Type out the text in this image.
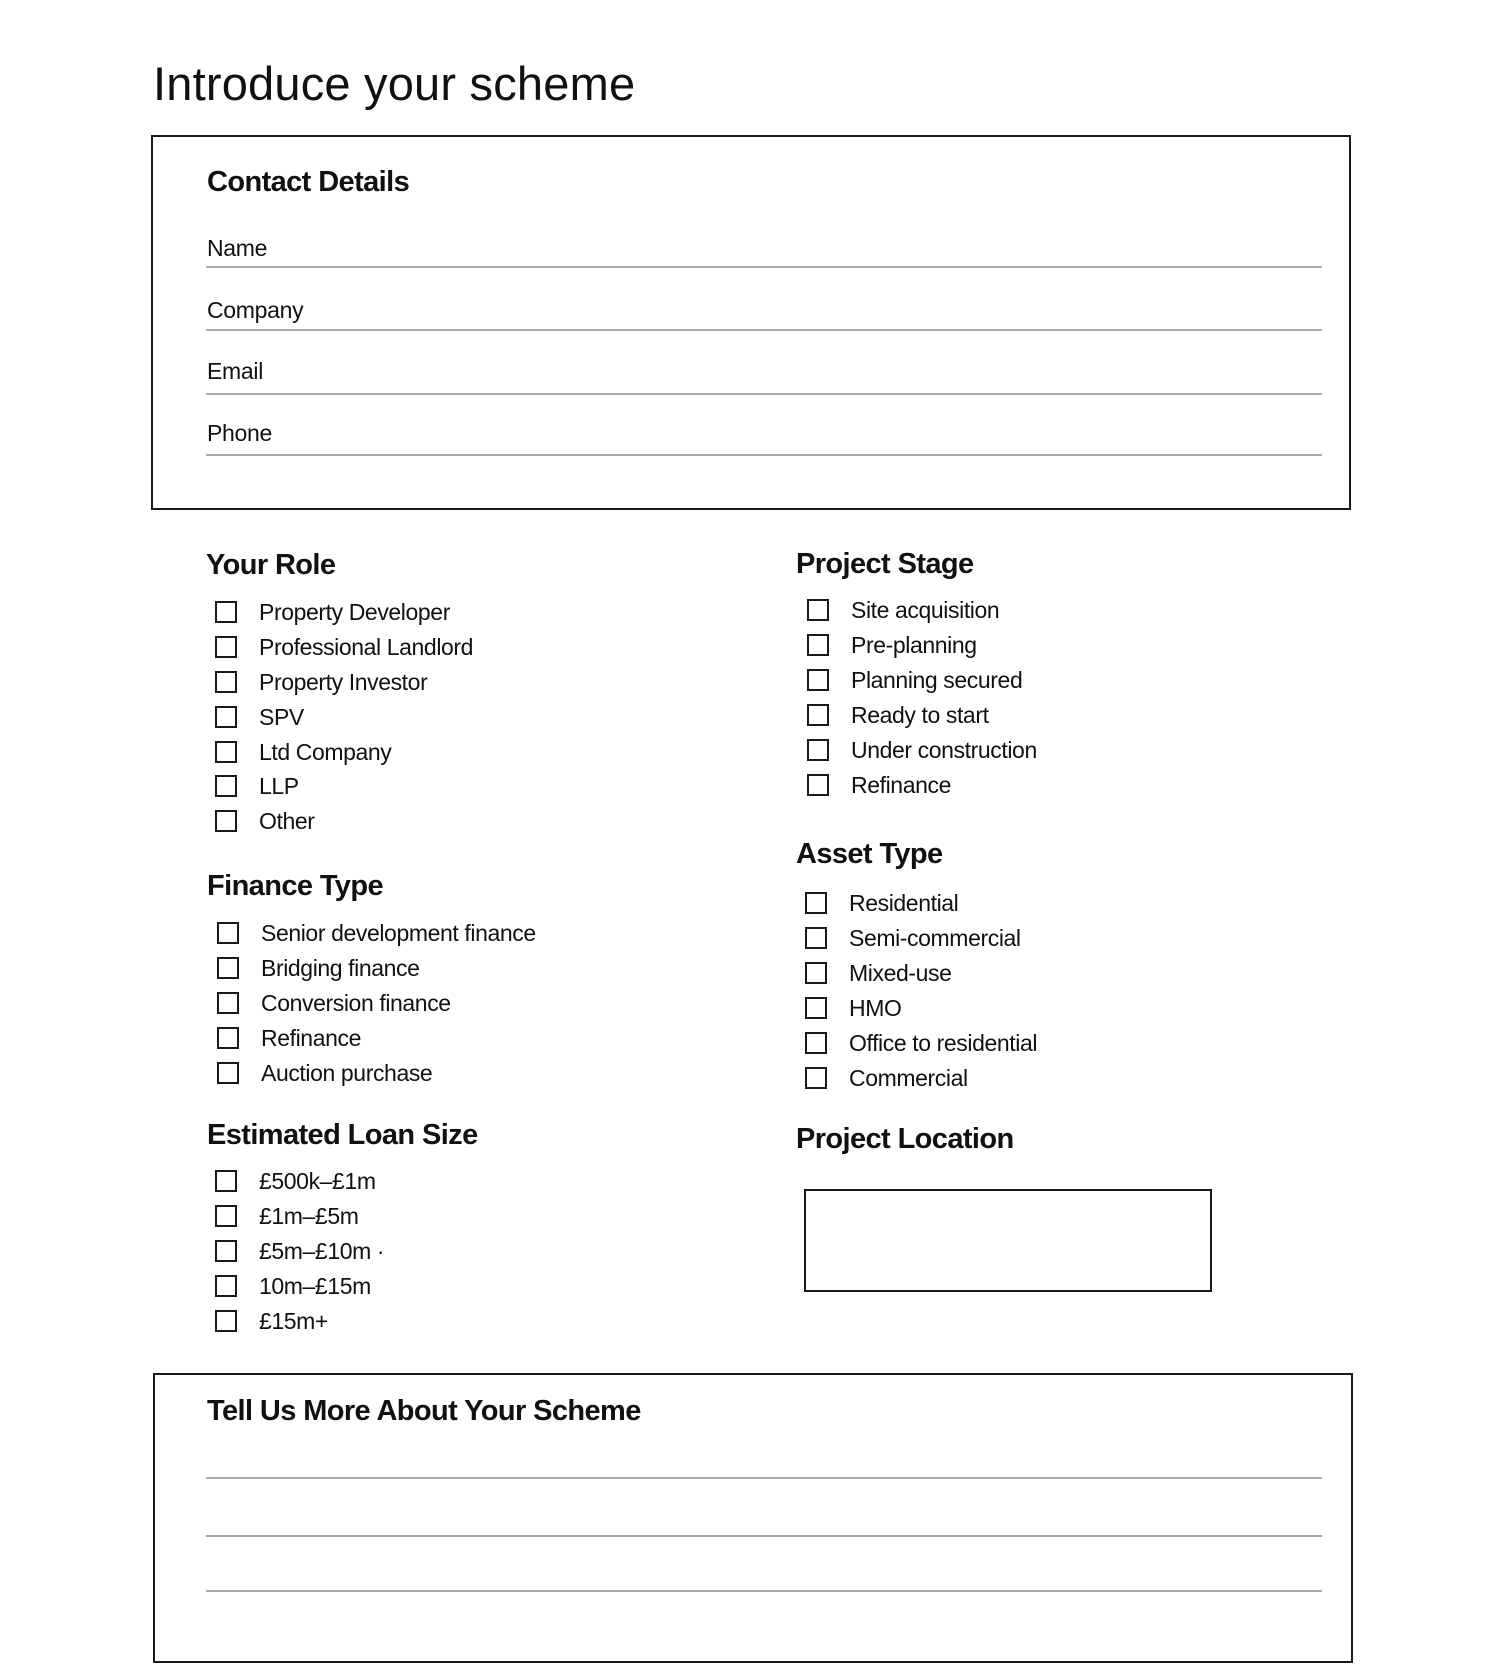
Introduce your scheme
Contact Details
Name
Company
Email
Phone
Your Role
Property Developer
Professional Landlord
Property Investor
SPV
Ltd Company
LLP
Other
Finance Type
Senior development finance
Bridging finance
Conversion finance
Refinance
Auction purchase
Estimated Loan Size
£500k–£1m
£1m–£5m
£5m–£10m ·
10m–£15m
£15m+
Project Stage
Site acquisition
Pre-planning
Planning secured
Ready to start
Under construction
Refinance
Asset Type
Residential
Semi-commercial
Mixed-use
HMO
Office to residential
Commercial
Project Location
Tell Us More About Your Scheme
